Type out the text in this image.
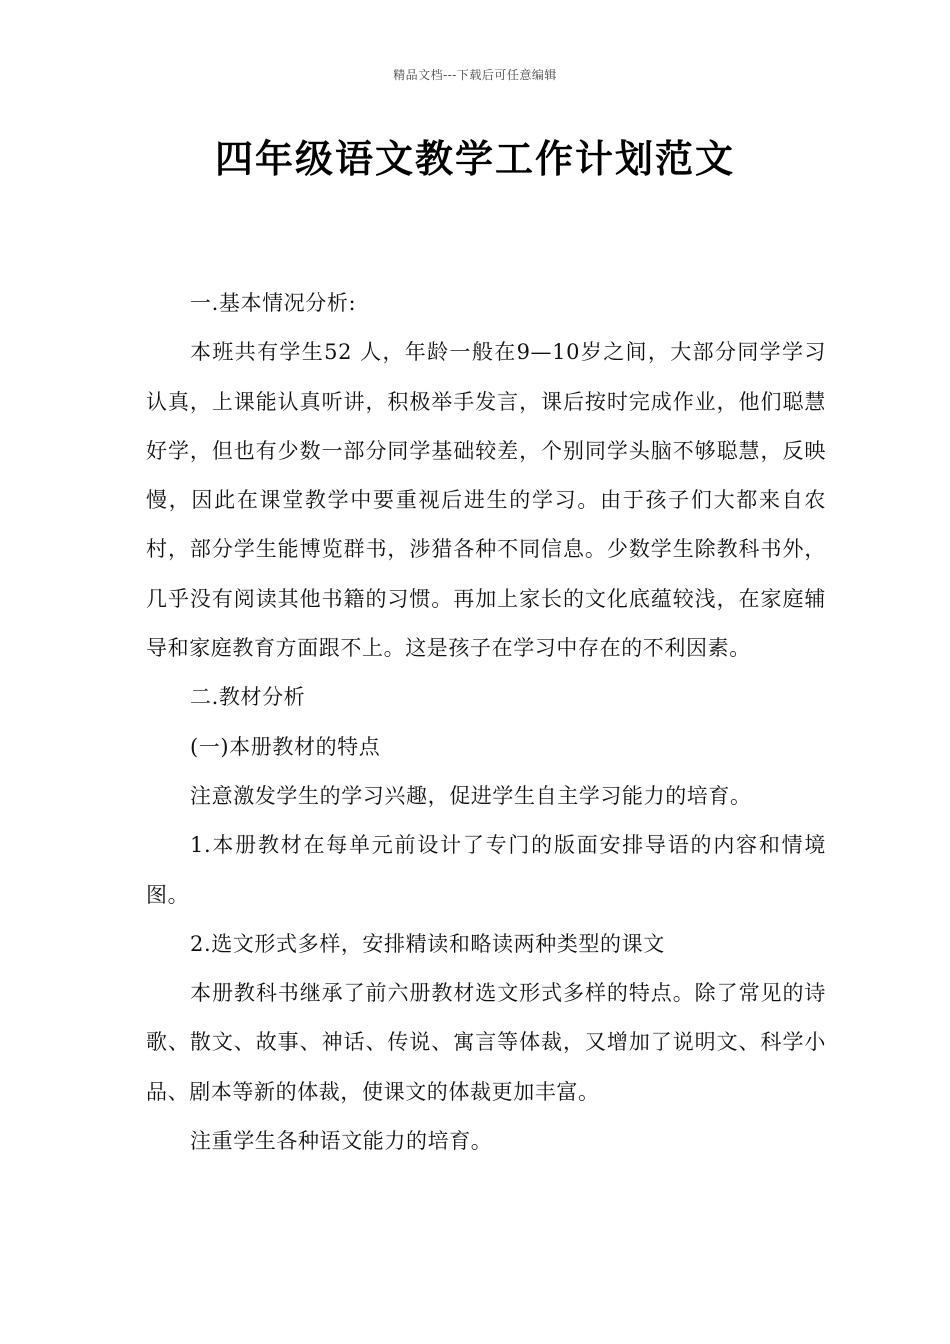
精品文档---下载后可任意编辑
四年级语文教学工作计划范文

一.基本情况分析:

本班共有学生52 人，年龄一般在9—10岁之间，大部分同学学习认真，上课能认真听讲，积极举手发言，课后按时完成作业，他们聪慧好学，但也有少数一部分同学基础较差，个别同学头脑不够聪慧，反映慢，因此在课堂教学中要重视后进生的学习。由于孩子们大都来自农村，部分学生能博览群书，涉猎各种不同信息。少数学生除教科书外，几乎没有阅读其他书籍的习惯。再加上家长的文化底蕴较浅，在家庭辅导和家庭教育方面跟不上。这是孩子在学习中存在的不利因素。

二.教材分析

(一)本册教材的特点

注意激发学生的学习兴趣，促进学生自主学习能力的培育。

1.本册教材在每单元前设计了专门的版面安排导语的内容和情境图。

2.选文形式多样，安排精读和略读两种类型的课文

本册教科书继承了前六册教材选文形式多样的特点。除了常见的诗歌、散文、故事、神话、传说、寓言等体裁，又增加了说明文、科学小品、剧本等新的体裁，使课文的体裁更加丰富。

注重学生各种语文能力的培育。
